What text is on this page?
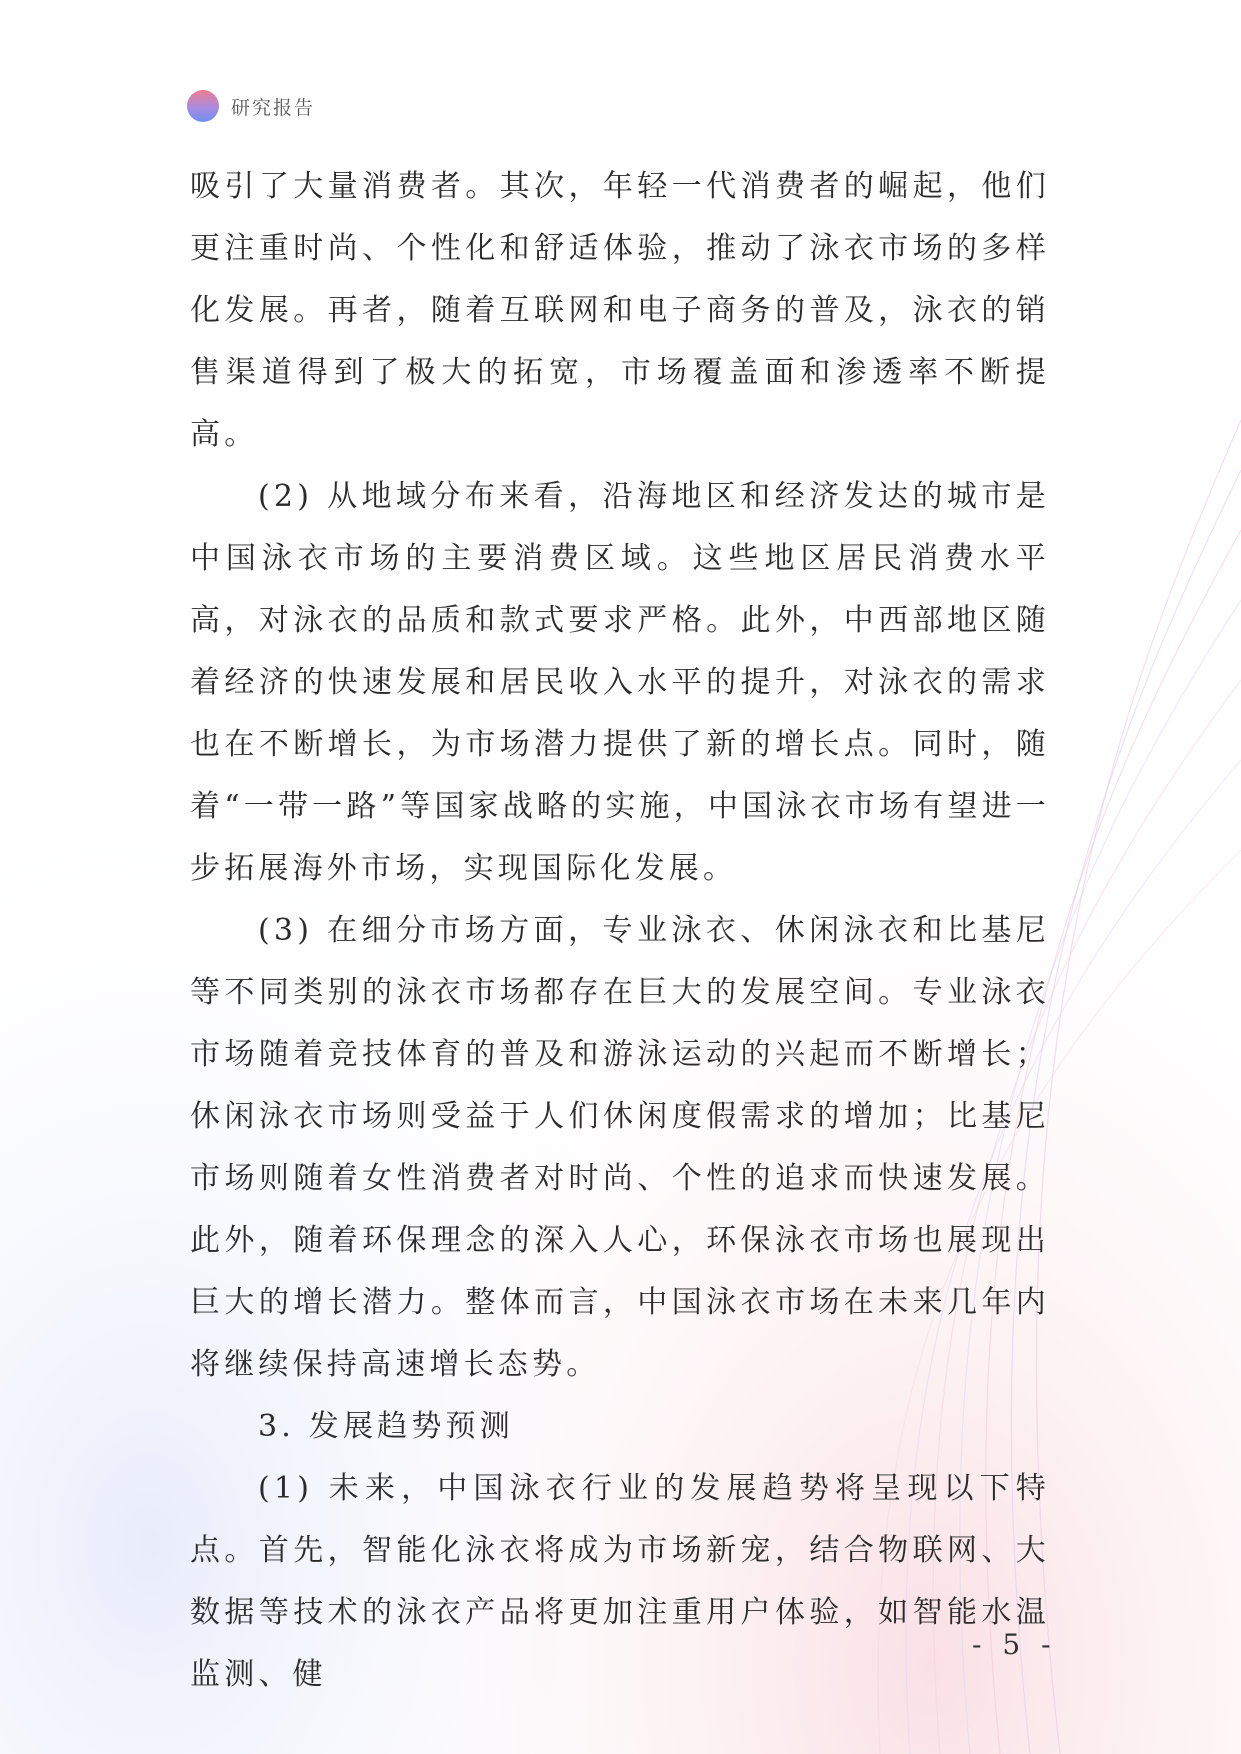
研究报告

吸引了大量消费者。其次，年轻一代消费者的崛起，他们更注重时尚、个性化和舒适体验，推动了泳衣市场的多样化发展。再者，随着互联网和电子商务的普及，泳衣的销售渠道得到了极大的拓宽，市场覆盖面和渗透率不断提高。

(2) 从地域分布来看，沿海地区和经济发达的城市是中国泳衣市场的主要消费区域。这些地区居民消费水平高，对泳衣的品质和款式要求严格。此外，中西部地区随着经济的快速发展和居民收入水平的提升，对泳衣的需求也在不断增长，为市场潜力提供了新的增长点。同时，随着“一带一路”等国家战略的实施，中国泳衣市场有望进一步拓展海外市场，实现国际化发展。

(3) 在细分市场方面，专业泳衣、休闲泳衣和比基尼等不同类别的泳衣市场都存在巨大的发展空间。专业泳衣市场随着竞技体育的普及和游泳运动的兴起而不断增长；休闲泳衣市场则受益于人们休闲度假需求的增加；比基尼市场则随着女性消费者对时尚、个性的追求而快速发展。此外，随着环保理念的深入人心，环保泳衣市场也展现出巨大的增长潜力。整体而言，中国泳衣市场在未来几年内将继续保持高速增长态势。

3. 发展趋势预测

(1) 未来，中国泳衣行业的发展趋势将呈现以下特点。首先，智能化泳衣将成为市场新宠，结合物联网、大数据等技术的泳衣产品将更加注重用户体验，如智能水温监测、健

- 5 -
